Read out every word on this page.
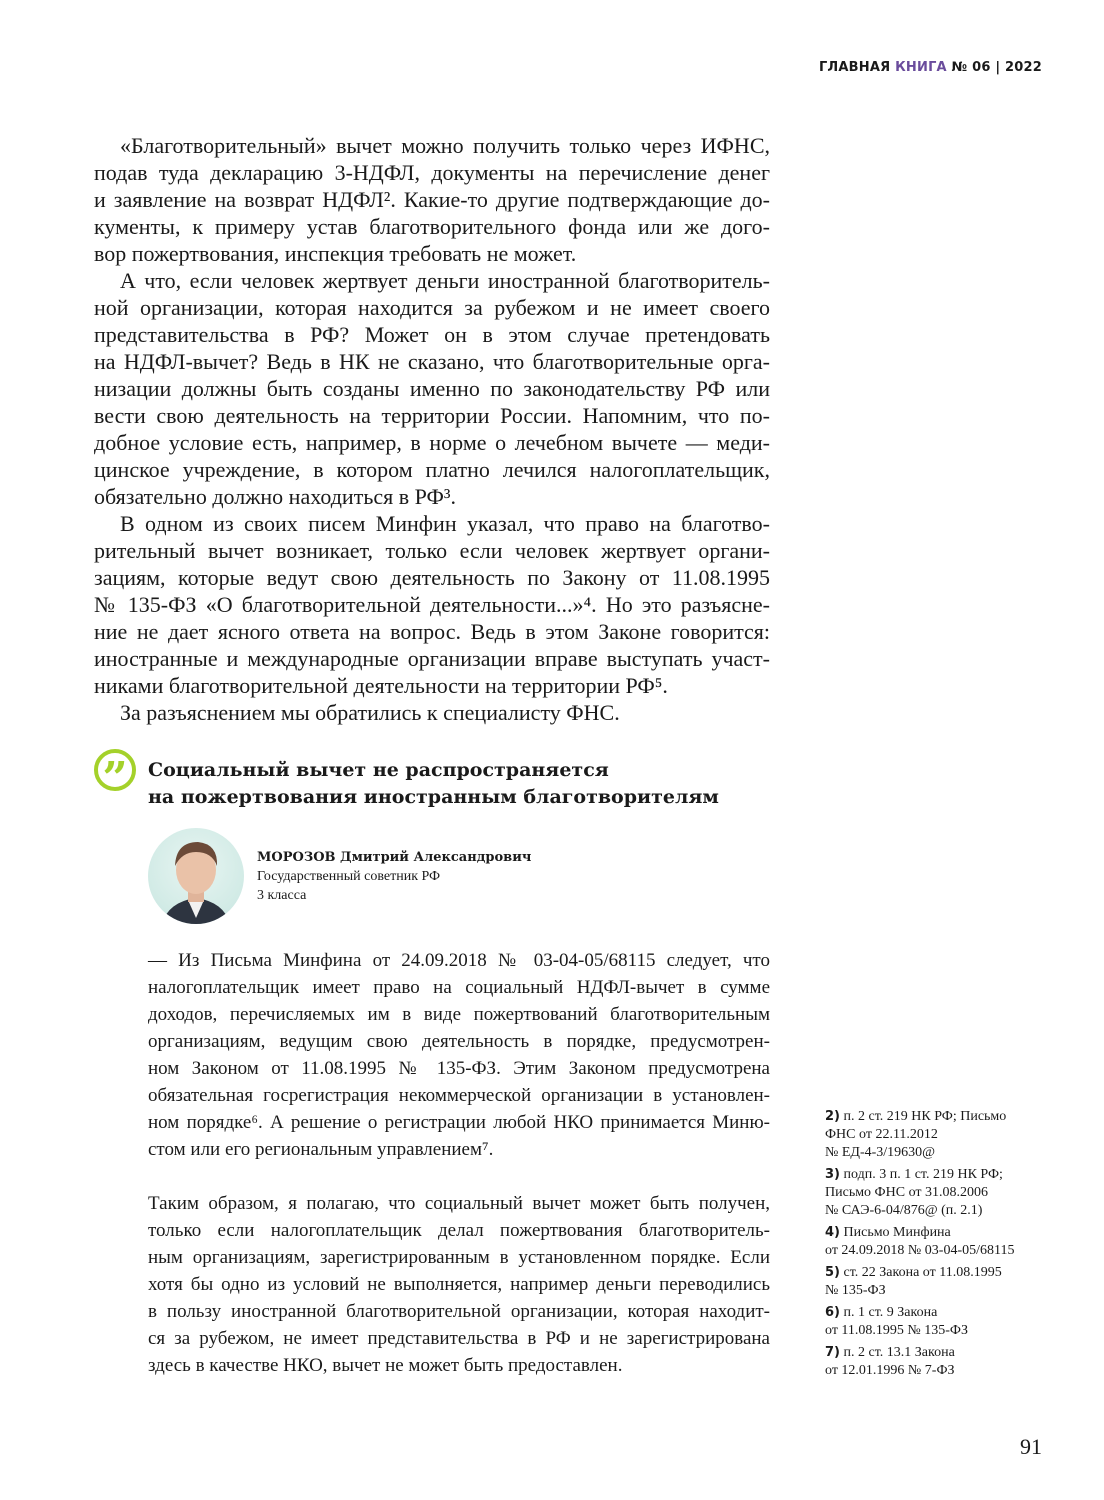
ГЛАВНАЯ КНИГА № 06 | 2022
«Благотворительный» вычет можно получить только через ИФНС,
подав туда декларацию 3-НДФЛ, документы на перечисление денег
и заявление на возврат НДФЛ². Какие-то другие подтверждающие до-
кументы, к примеру устав благотворительного фонда или же дого-
вор пожертвования, инспекция требовать не может.
А что, если человек жертвует деньги иностранной благотворитель-
ной организации, которая находится за рубежом и не имеет своего
представительства в РФ? Может он в этом случае претендовать
на НДФЛ-вычет? Ведь в НК не сказано, что благотворительные орга-
низации должны быть созданы именно по законодательству РФ или
вести свою деятельность на территории России. Напомним, что по-
добное условие есть, например, в норме о лечебном вычете — меди-
цинское учреждение, в котором платно лечился налогоплательщик,
обязательно должно находиться в РФ³.
В одном из своих писем Минфин указал, что право на благотво-
рительный вычет возникает, только если человек жертвует органи-
зациям, которые ведут свою деятельность по Закону от 11.08.1995
№ 135-ФЗ «О благотворительной деятельности...»⁴. Но это разъясне-
ние не дает ясного ответа на вопрос. Ведь в этом Законе говорится:
иностранные и международные организации вправе выступать участ-
никами благотворительной деятельности на территории РФ⁵.
За разъяснением мы обратились к специалисту ФНС.
”	Социальный вычет не распространяется
на пожертвования иностранным благотворителям
МОРОЗОВ Дмитрий Александрович
Государственный советник РФ
3 класса
— Из Письма Минфина от 24.09.2018 № 03-04-05/68115 следует, что
налогоплательщик имеет право на социальный НДФЛ-вычет в сумме
доходов, перечисляемых им в виде пожертвований благотворительным
организациям, ведущим свою деятельность в порядке, предусмотрен-
ном Законом от 11.08.1995 № 135-ФЗ. Этим Законом предусмотрена
обязательная госрегистрация некоммерческой организации в установлен-
ном порядке⁶. А решение о регистрации любой НКО принимается Миню-
стом или его региональным управлением⁷.
Таким образом, я полагаю, что социальный вычет может быть получен,
только если налогоплательщик делал пожертвования благотворитель-
ным организациям, зарегистрированным в установленном порядке. Если
хотя бы одно из условий не выполняется, например деньги переводились
в пользу иностранной благотворительной организации, которая находит-
ся за рубежом, не имеет представительства в РФ и не зарегистрирована
здесь в качестве НКО, вычет не может быть предоставлен.
2) п. 2 ст. 219 НК РФ; Письмо
ФНС от 22.11.2012
№ ЕД-4-3/19630@
3) подп. 3 п. 1 ст. 219 НК РФ;
Письмо ФНС от 31.08.2006
№ САЭ-6-04/876@ (п. 2.1)
4) Письмо Минфина
от 24.09.2018 № 03-04-05/68115
5) ст. 22 Закона от 11.08.1995
№ 135-ФЗ
6) п. 1 ст. 9 Закона
от 11.08.1995 № 135-ФЗ
7) п. 2 ст. 13.1 Закона
от 12.01.1996 № 7-ФЗ
91
